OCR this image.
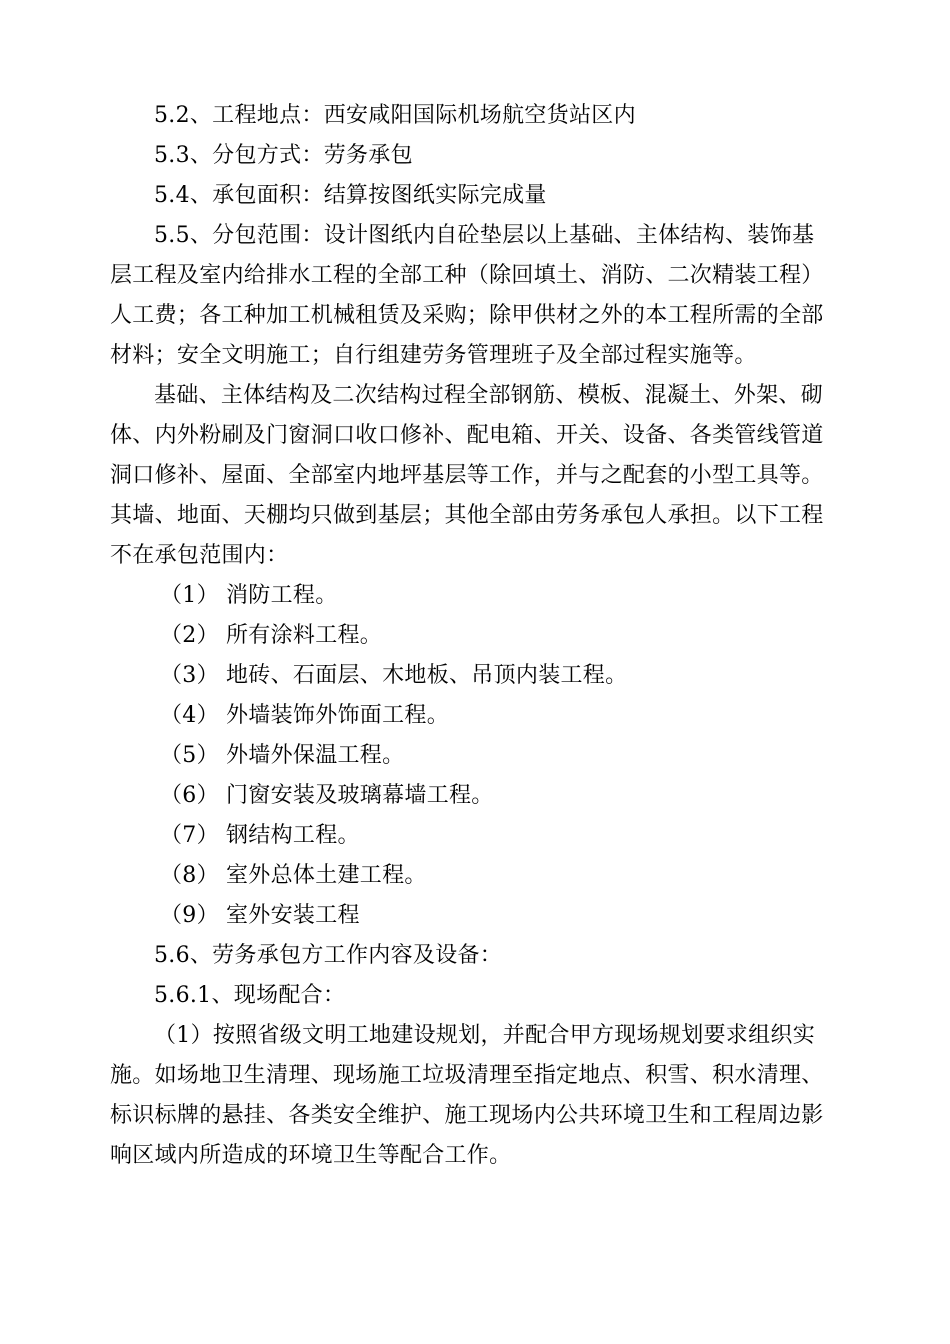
5.2、工程地点：西安咸阳国际机场航空货站区内
5.3、分包方式：劳务承包
5.4、承包面积：结算按图纸实际完成量
5.5、分包范围：设计图纸内自砼垫层以上基础、主体结构、装饰基
层工程及室内给排水工程的全部工种（除回填土、消防、二次精装工程）
人工费；各工种加工机械租赁及采购；除甲供材之外的本工程所需的全部
材料；安全文明施工；自行组建劳务管理班子及全部过程实施等。
基础、主体结构及二次结构过程全部钢筋、模板、混凝土、外架、砌
体、内外粉刷及门窗洞口收口修补、配电箱、开关、设备、各类管线管道
洞口修补、屋面、全部室内地坪基层等工作，并与之配套的小型工具等。
其墙、地面、天棚均只做到基层；其他全部由劳务承包人承担。以下工程
不在承包范围内：
（1） 消防工程。
（2） 所有涂料工程。
（3） 地砖、石面层、木地板、吊顶内装工程。
（4） 外墙装饰外饰面工程。
（5） 外墙外保温工程。
（6） 门窗安装及玻璃幕墙工程。
（7） 钢结构工程。
（8） 室外总体土建工程。
（9） 室外安装工程
5.6、劳务承包方工作内容及设备：
5.6.1、现场配合：
（1）按照省级文明工地建设规划，并配合甲方现场规划要求组织实
施。如场地卫生清理、现场施工垃圾清理至指定地点、积雪、积水清理、
标识标牌的悬挂、各类安全维护、施工现场内公共环境卫生和工程周边影
响区域内所造成的环境卫生等配合工作。
